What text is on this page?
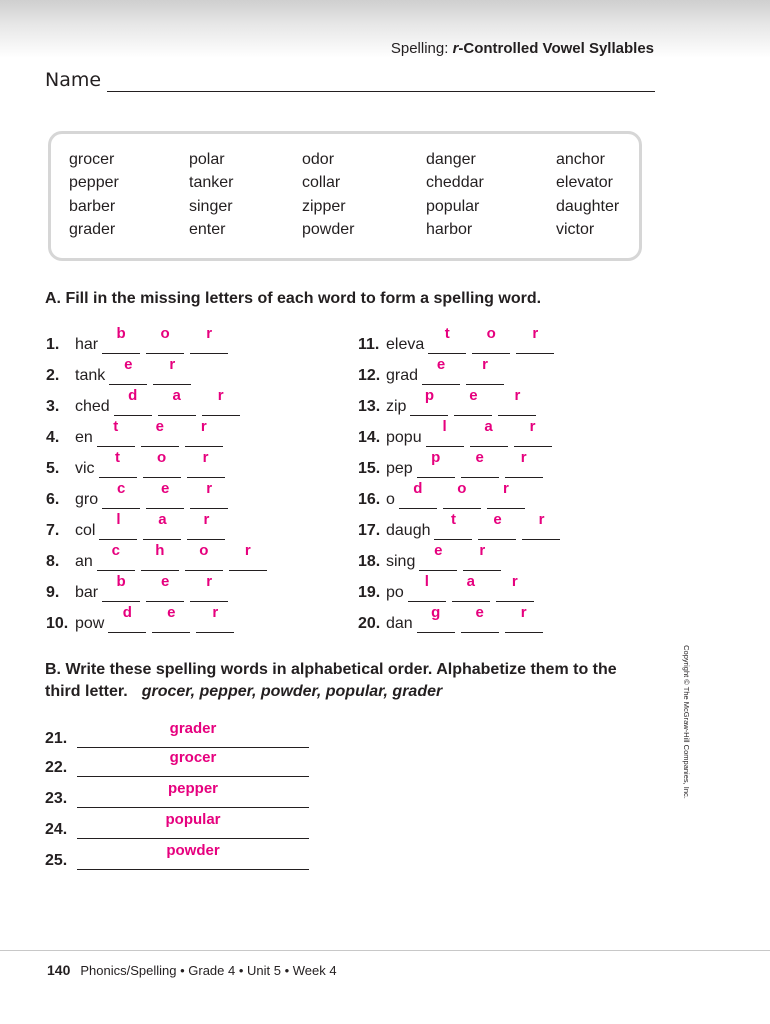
Spelling: r-Controlled Vowel Syllables
Name
grocer	polar	odor	danger	anchor
pepper	tanker	collar	cheddar	elevator
barber	singer	zipper	popular	daughter
grader	enter	powder	harbor	victor
A. Fill in the missing letters of each word to form a spelling word.
1. har
b	o	r
2. tank
e	r
3. ched
d	a	r
4. en
t	e	r
5. vic
t	o	r
6. gro
c	e	r
7. col
l	a	r
8. an
c	h	o	r
9. bar
b	e	r
10. pow
d	e	r
11. eleva
t	o	r
12. grad
e	r
13. zip
p	e	r
14. popu
l	a	r
15. pep
p	e	r
16. o
d	o	r
17. daugh
t	e	r
18. sing
e	r
19. po
l	a	r
20. dan
g	e	r
B. Write these spelling words in alphabetical order. Alphabetize them to the
third letter. grocer, pepper, powder, popular, grader
21.
grader
22.
grocer
23.
pepper
24.
popular
25.
powder
Copyright © The McGraw-Hill Companies, Inc.
140 Phonics/Spelling • Grade 4 • Unit 5 • Week 4
